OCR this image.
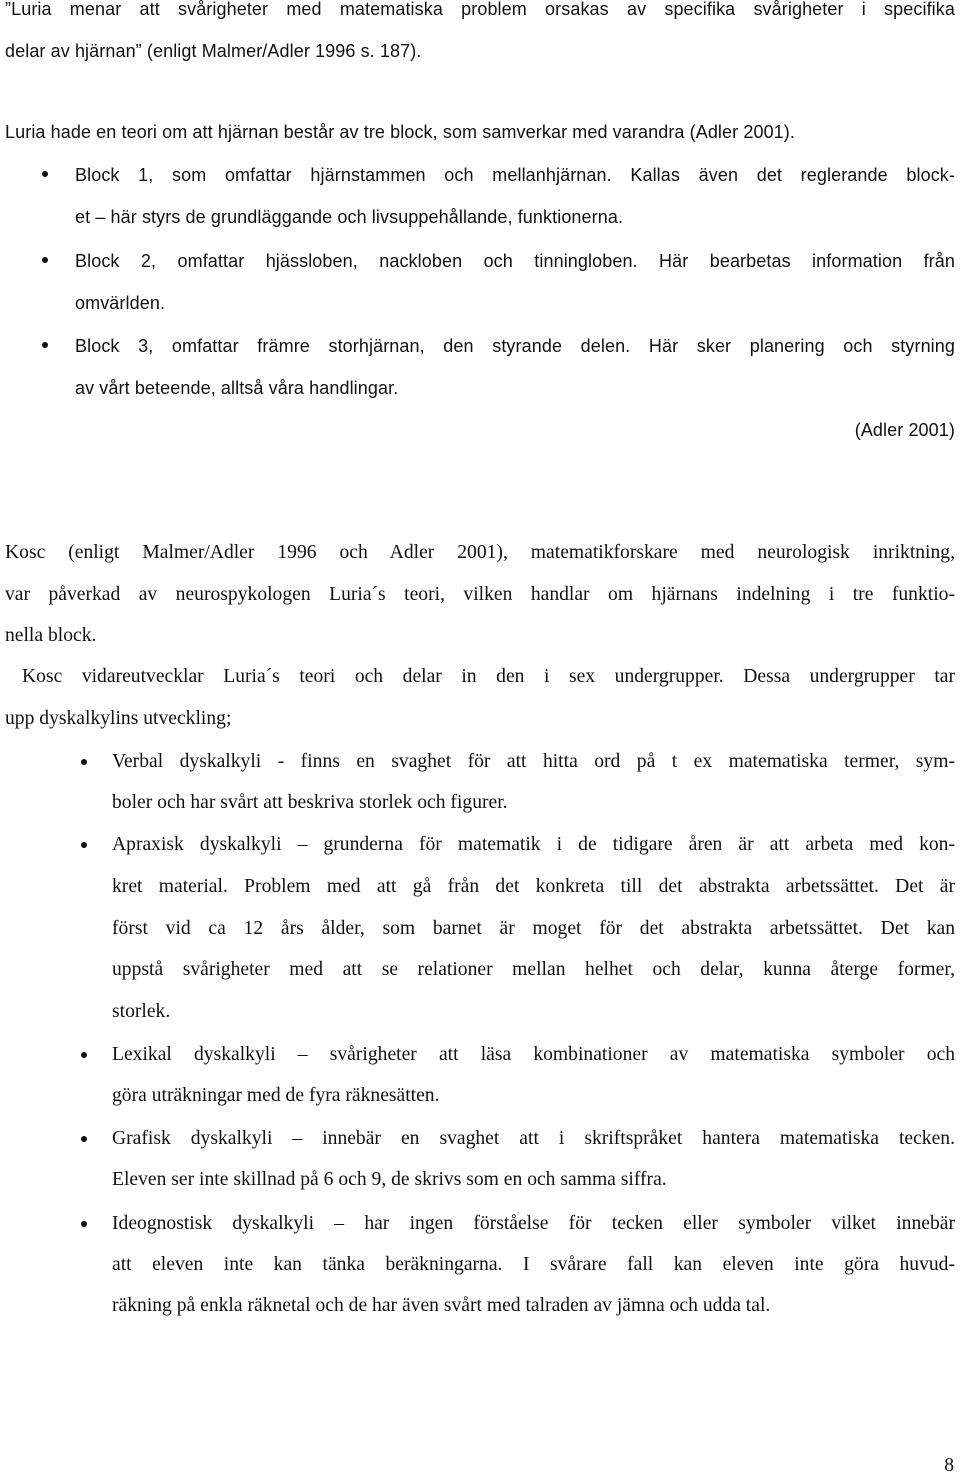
”Luria menar att svårigheter med matematiska problem orsakas av specifika svårigheter i specifika
delar av hjärnan” (enligt Malmer/Adler 1996 s. 187).
Luria hade en teori om att hjärnan består av tre block, som samverkar med varandra (Adler 2001).
Block 1, som omfattar hjärnstammen och mellanhjärnan. Kallas även det reglerande block-
et – här styrs de grundläggande och livsuppehållande, funktionerna.
Block 2, omfattar hjässloben, nackloben och tinningloben. Här bearbetas information från
omvärlden.
Block 3, omfattar främre storhjärnan, den styrande delen. Här sker planering och styrning
av vårt beteende, alltså våra handlingar.
(Adler 2001)
Kosc (enligt Malmer/Adler 1996 och Adler 2001), matematikforskare med neurologisk inriktning,
var påverkad av neurospykologen Luria´s teori, vilken handlar om hjärnans indelning i tre funktio-
nella block.
Kosc vidareutvecklar Luria´s teori och delar in den i sex undergrupper. Dessa undergrupper tar
upp dyskalkylins utveckling;
Verbal dyskalkyli - finns en svaghet för att hitta ord på t ex matematiska termer, sym-
boler och har svårt att beskriva storlek och figurer.
Apraxisk dyskalkyli – grunderna för matematik i de tidigare åren är att arbeta med kon-
kret material. Problem med att gå från det konkreta till det abstrakta arbetssättet. Det är
först vid ca 12 års ålder, som barnet är moget för det abstrakta arbetssättet. Det kan
uppstå svårigheter med att se relationer mellan helhet och delar, kunna återge former,
storlek.
Lexikal dyskalkyli – svårigheter att läsa kombinationer av matematiska symboler och
göra uträkningar med de fyra räknesätten.
Grafisk dyskalkyli – innebär en svaghet att i skriftspråket hantera matematiska tecken.
Eleven ser inte skillnad på 6 och 9, de skrivs som en och samma siffra.
Ideognostisk dyskalkyli – har ingen förståelse för tecken eller symboler vilket innebär
att eleven inte kan tänka beräkningarna. I svårare fall kan eleven inte göra huvud-
räkning på enkla räknetal och de har även svårt med talraden av jämna och udda tal.
8
